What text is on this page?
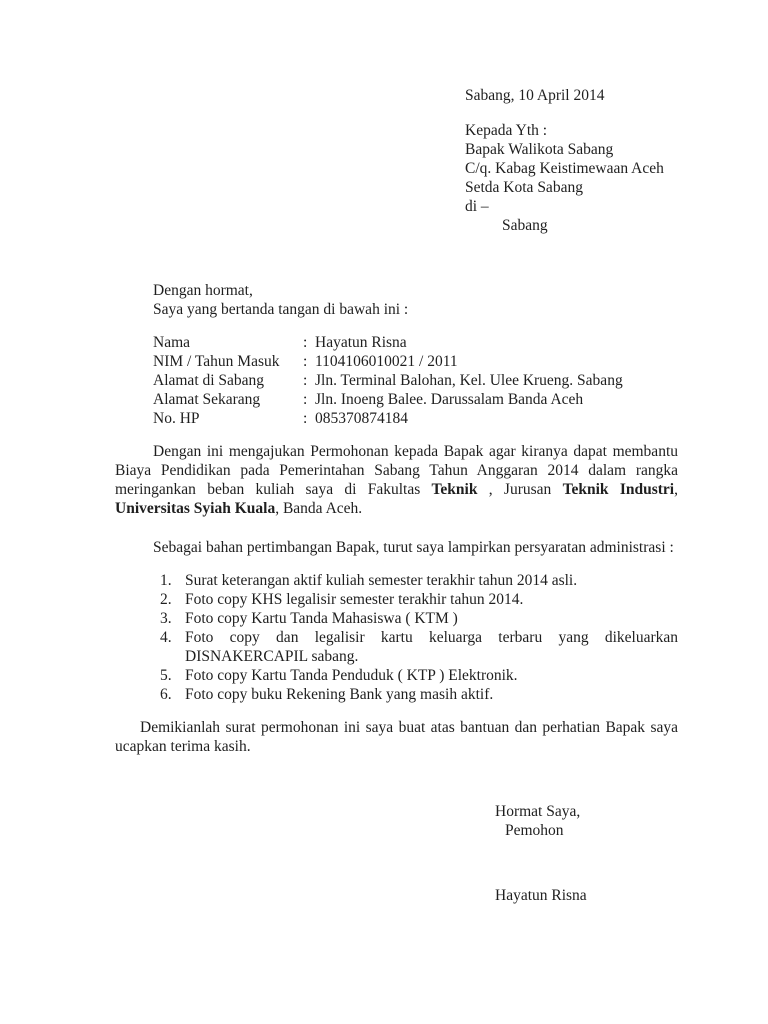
Sabang, 10 April 2014
Kepada Yth :
Bapak Walikota Sabang
C/q. Kabag Keistimewaan Aceh
Setda Kota Sabang
di –
Sabang
Dengan hormat,
Saya yang bertanda tangan di bawah ini :
Nama	: Hayatun Risna
NIM / Tahun Masuk	: 1104106010021 / 2011
Alamat di Sabang	: Jln. Terminal Balohan, Kel. Ulee Krueng. Sabang
Alamat Sekarang	: Jln. Inoeng Balee. Darussalam Banda Aceh
No. HP	: 085370874184

Dengan ini mengajukan Permohonan kepada Bapak agar kiranya dapat membantu Biaya Pendidikan pada Pemerintahan Sabang Tahun Anggaran 2014 dalam rangka meringankan beban kuliah saya di Fakultas Teknik , Jurusan Teknik Industri, Universitas Syiah Kuala, Banda Aceh.

Sebagai bahan pertimbangan Bapak, turut saya lampirkan persyaratan administrasi :

1. Surat keterangan aktif kuliah semester terakhir tahun 2014 asli.
2. Foto copy KHS legalisir semester terakhir tahun 2014.
3. Foto copy Kartu Tanda Mahasiswa ( KTM )
4. Foto copy dan legalisir kartu keluarga terbaru yang dikeluarkan DISNAKERCAPIL sabang.
5. Foto copy Kartu Tanda Penduduk ( KTP ) Elektronik.
6. Foto copy buku Rekening Bank yang masih aktif.

Demikianlah surat permohonan ini saya buat atas bantuan dan perhatian Bapak saya ucapkan terima kasih.

Hormat Saya,
Pemohon
Hayatun Risna
